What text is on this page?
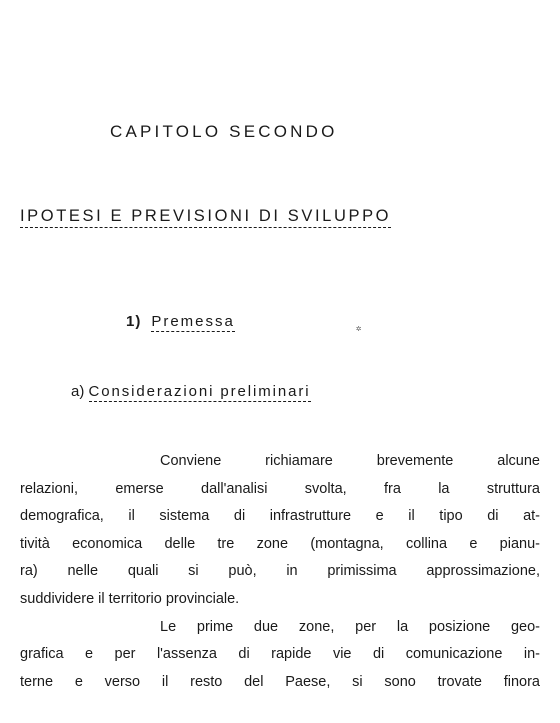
CAPITOLO SECONDO
IPOTESI E PREVISIONI DI SVILUPPO
1) Premessa	✲
a) Considerazioni preliminari
Conviene richiamare brevemente alcune
relazioni, emerse dall'analisi svolta, fra la struttura
demografica, il sistema di infrastrutture e il tipo di at-
tività economica delle tre zone (montagna, collina e pianu-
ra) nelle quali si può, in primissima approssimazione,
suddividere il territorio provinciale.
Le prime due zone, per la posizione geo-
grafica e per l'assenza di rapide vie di comunicazione in-
terne e verso il resto del Paese, si sono trovate finora
